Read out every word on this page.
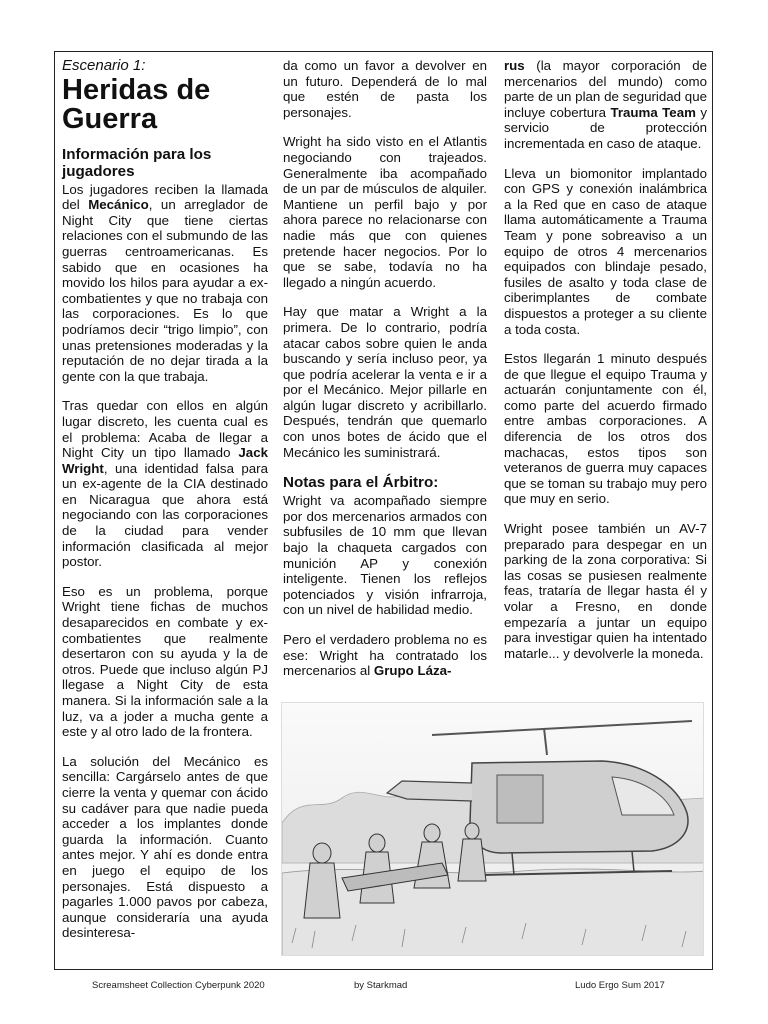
Escenario 1:
Heridas de
Guerra
Información para los jugadores

Los jugadores reciben la llamada del Mecánico, un arreglador de Night City que tiene ciertas relaciones con el submundo de las guerras centroamericanas. Es sabido que en ocasiones ha movido los hilos para ayudar a ex-combatientes y que no trabaja con las corporaciones. Es lo que podríamos decir “trigo limpio”, con unas pretensiones moderadas y la reputación de no dejar tirada a la gente con la que trabaja.

Tras quedar con ellos en algún lugar discreto, les cuenta cual es el problema: Acaba de llegar a Night City un tipo llamado Jack Wright, una identidad falsa para un ex-agente de la CIA destinado en Nicaragua que ahora está negociando con las corporaciones de la ciudad para vender información clasificada al mejor postor.

Eso es un problema, porque Wright tiene fichas de muchos desaparecidos en combate y ex-combatientes que realmente desertaron con su ayuda y la de otros. Puede que incluso algún PJ llegase a Night City de esta manera. Si la información sale a la luz, va a joder a mucha gente a este y al otro lado de la frontera.

La solución del Mecánico es sencilla: Cargárselo antes de que cierre la venta y quemar con ácido su cadáver para que nadie pueda acceder a los implantes donde guarda la información. Cuanto antes mejor. Y ahí es donde entra en juego el equipo de los personajes. Está dispuesto a pagarles 1.000 pavos por cabeza, aunque consideraría una ayuda desinteresa-

da como un favor a devolver en un futuro. Dependerá de lo mal que estén de pasta los personajes.

Wright ha sido visto en el Atlantis negociando con trajeados. Generalmente iba acompañado de un par de músculos de alquiler. Mantiene un perfil bajo y por ahora parece no relacionarse con nadie más que con quienes pretende hacer negocios. Por lo que se sabe, todavía no ha llegado a ningún acuerdo.

Hay que matar a Wright a la primera. De lo contrario, podría atacar cabos sobre quien le anda buscando y sería incluso peor, ya que podría acelerar la venta e ir a por el Mecánico. Mejor pillarle en algún lugar discreto y acribillarlo. Después, tendrán que quemarlo con unos botes de ácido que el Mecánico les suministrará.

Notas para el Árbitro:

Wright va acompañado siempre por dos mercenarios armados con subfusiles de 10 mm que llevan bajo la chaqueta cargados con munición AP y conexión inteligente. Tienen los reflejos potenciados y visión infrarroja, con un nivel de habilidad medio.

Pero el verdadero problema no es ese: Wright ha contratado los mercenarios al Grupo Láza-

rus (la mayor corporación de mercenarios del mundo) como parte de un plan de seguridad que incluye cobertura Trauma Team y servicio de protección incrementada en caso de ataque.

Lleva un biomonitor implantado con GPS y conexión inalámbrica a la Red que en caso de ataque llama automáticamente a Trauma Team y pone sobreaviso a un equipo de otros 4 mercenarios equipados con blindaje pesado, fusiles de asalto y toda clase de ciberimplantes de combate dispuestos a proteger a su cliente a toda costa.

Estos llegarán 1 minuto después de que llegue el equipo Trauma y actuarán conjuntamente con él, como parte del acuerdo firmado entre ambas corporaciones. A diferencia de los otros dos machacas, estos tipos son veteranos de guerra muy capaces que se toman su trabajo muy pero que muy en serio.

Wright posee también un AV-7 preparado para despegar en un parking de la zona corporativa: Si las cosas se pusiesen realmente feas, trataría de llegar hasta él y volar a Fresno, en donde empezaría a juntar un equipo para investigar quien ha intentado matarle... y devolverle la moneda.

Screamsheet Collection Cyberpunk 2020	by Starkmad	Ludo Ergo Sum 2017
